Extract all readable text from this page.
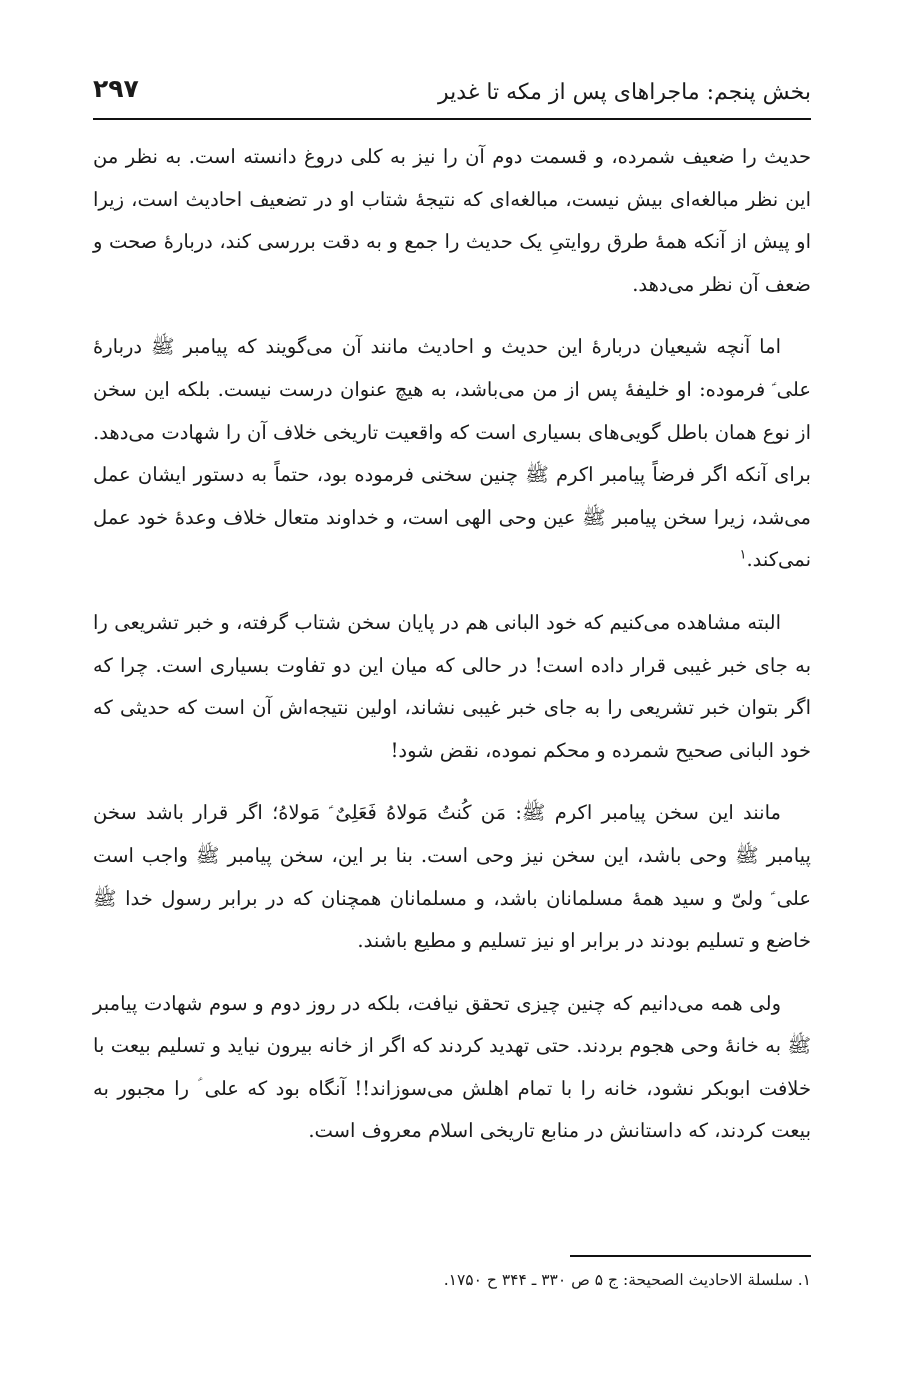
بخش پنجم: ماجراهای پس از مکه تا غدیر
۲۹۷

حدیث را ضعیف شمرده، و قسمت دوم آن را نیز به کلی دروغ دانسته است. به نظر من این نظر مبالغه‌ای بیش نیست، مبالغه‌ای که نتیجهٔ شتاب او در تضعیف احادیث است، زیرا او پیش از آنکه همهٔ طرق روایتیِ یک حدیث را جمع و به دقت بررسی کند، دربارهٔ صحت و ضعف آن نظر می‌دهد.

اما آنچه شیعیان دربارهٔ این حدیث و احادیث مانند آن می‌گویند که پیامبر ﷺ دربارهٔ علی ؑ فرموده: او خلیفهٔ پس از من می‌باشد، به هیچ عنوان درست نیست. بلکه این سخن از نوع همان باطل گویی‌های بسیاری است که واقعیت تاریخی خلاف آن را شهادت می‌دهد. برای آنکه اگر فرضاً پیامبر اکرم ﷺ چنین سخنی فرموده بود، حتماً به دستور ایشان عمل می‌شد، زیرا سخن پیامبر ﷺ عین وحی الهی است، و خداوند متعال خلاف وعدهٔ خود عمل نمی‌کند.$^۱$

البته مشاهده می‌کنیم که خود البانی هم در پایان سخن شتاب گرفته، و خبر تشریعی را به جای خبر غیبی قرار داده است! در حالی که میان این دو تفاوت بسیاری است. چرا که اگر بتوان خبر تشریعی را به جای خبر غیبی نشاند، اولین نتیجه‌اش آن است که حدیثی که خود البانی صحیح شمرده و محکم نموده، نقض شود!

مانند این سخن پیامبر اکرم ﷺ: مَن کُنتُ مَولاهُ فَعَلِیٌ ؑ مَولاهُ؛ اگر قرار باشد سخن پیامبر ﷺ وحی باشد، این سخن نیز وحی است. بنا بر این، سخن پیامبر ﷺ واجب است علی ؑ ولیّ و سید همهٔ مسلمانان باشد، و مسلمانان همچنان که در برابر رسول خدا ﷺ خاضع و تسلیم بودند در برابر او نیز تسلیم و مطیع باشند.

ولی همه می‌دانیم که چنین چیزی تحقق نیافت، بلکه در روز دوم و سوم شهادت پیامبر ﷺ به خانهٔ وحی هجوم بردند. حتی تهدید کردند که اگر از خانه بیرون نیاید و تسلیم بیعت با خلافت ابوبکر نشود، خانه را با تمام اهلش می‌سوزاند!! آنگاه بود که علی ؑ را مجبور به بیعت کردند، که داستانش در منابع تاریخی اسلام معروف است.

۱. سلسلة الاحادیث الصحیحة: ج ۵ ص ۳۳۰ ـ ۳۴۴ ح ۱۷۵۰.
